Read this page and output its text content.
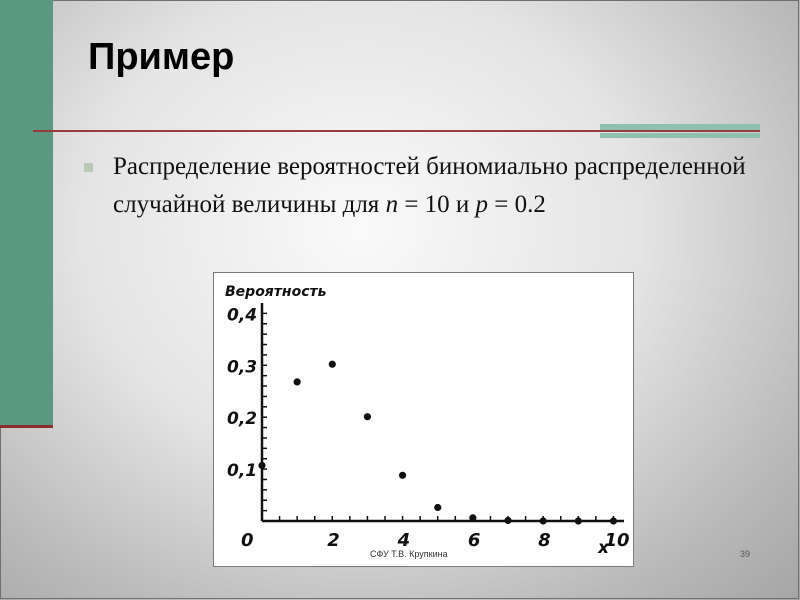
Пример
Распределение вероятностей биномиально распределенной случайной величины для n = 10 и p = 0.2
0,1
0,2
0,3
0,4
0	2	4	6	8	10
Вероятность
x
СФУ Т.В. Крупкина	39
